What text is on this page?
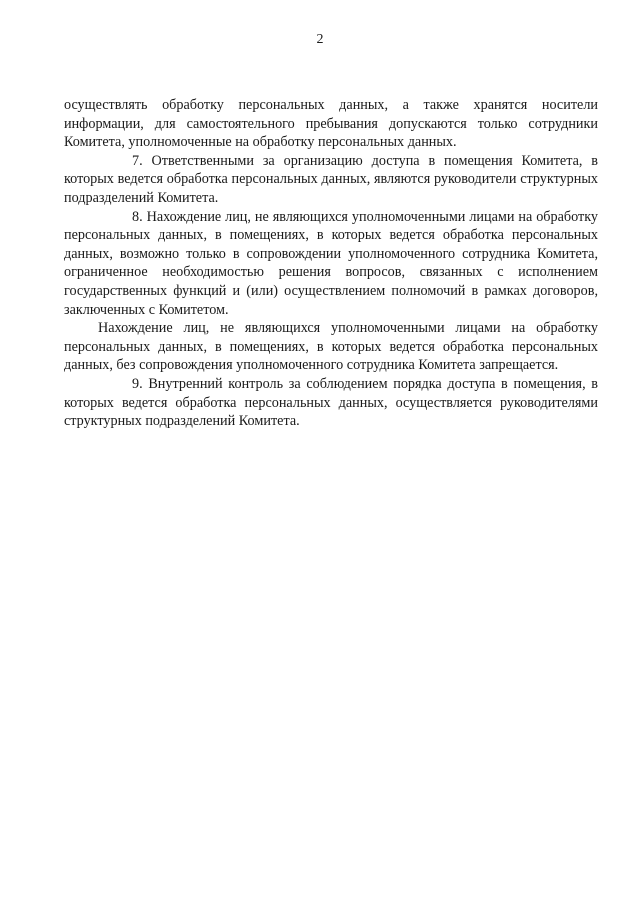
2

осуществлять обработку персональных данных, а также хранятся носители информации, для самостоятельного пребывания допускаются только сотрудники Комитета, уполномоченные на обработку персональных данных.

7. Ответственными за организацию доступа в помещения Комитета, в которых ведется обработка персональных данных, являются руководители структурных подразделений Комитета.

8. Нахождение лиц, не являющихся уполномоченными лицами на обработку персональных данных, в помещениях, в которых ведется обработка персональных данных, возможно только в сопровождении уполномоченного сотрудника Комитета, ограниченное необходимостью решения вопросов, связанных с исполнением государственных функций и (или) осуществлением полномочий в рамках договоров, заключенных с Комитетом.

Нахождение лиц, не являющихся уполномоченными лицами на обработку персональных данных, в помещениях, в которых ведется обработка персональных данных, без сопровождения уполномоченного сотрудника Комитета запрещается.

9. Внутренний контроль за соблюдением порядка доступа в помещения, в которых ведется обработка персональных данных, осуществляется руководителями структурных подразделений Комитета.
